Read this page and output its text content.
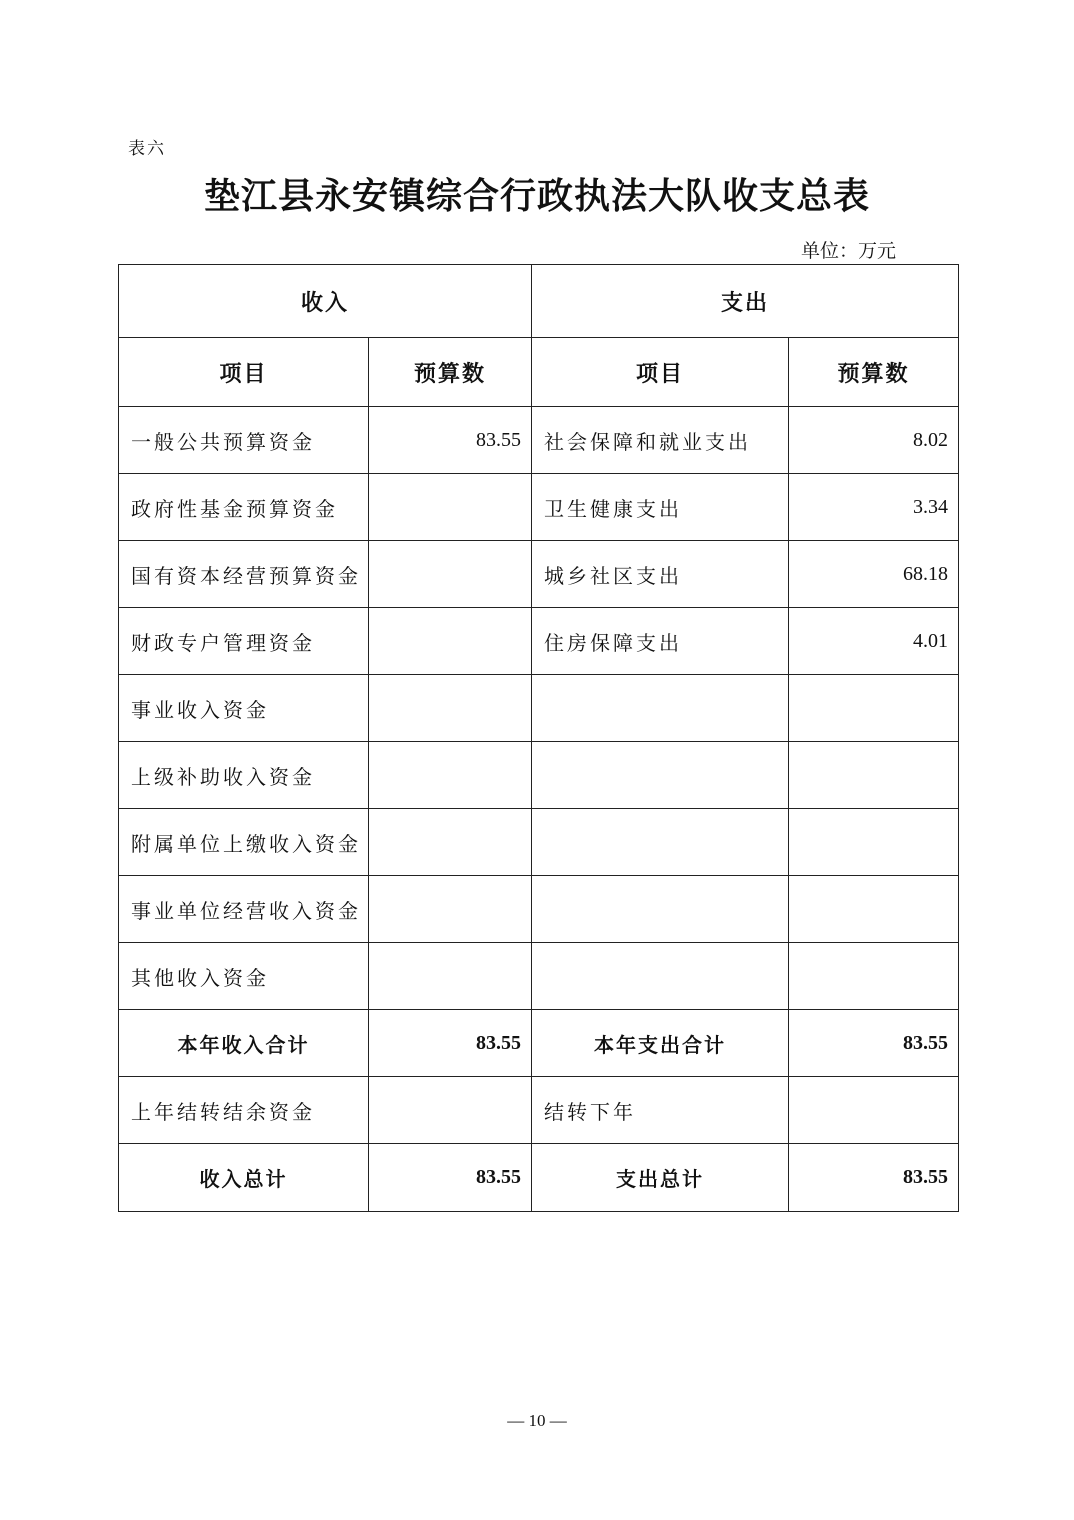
表六
垫江县永安镇综合行政执法大队收支总表
单位：万元
收入		支出	
项目	预算数	项目	预算数
一般公共预算资金	83.55	社会保障和就业支出	8.02
政府性基金预算资金		卫生健康支出	3.34
国有资本经营预算资金		城乡社区支出	68.18
财政专户管理资金		住房保障支出	4.01
事业收入资金			
上级补助收入资金			
附属单位上缴收入资金			
事业单位经营收入资金			
其他收入资金			
本年收入合计	83.55	本年支出合计	83.55
上年结转结余资金		结转下年	
收入总计	83.55	支出总计	83.55
— 10 —
